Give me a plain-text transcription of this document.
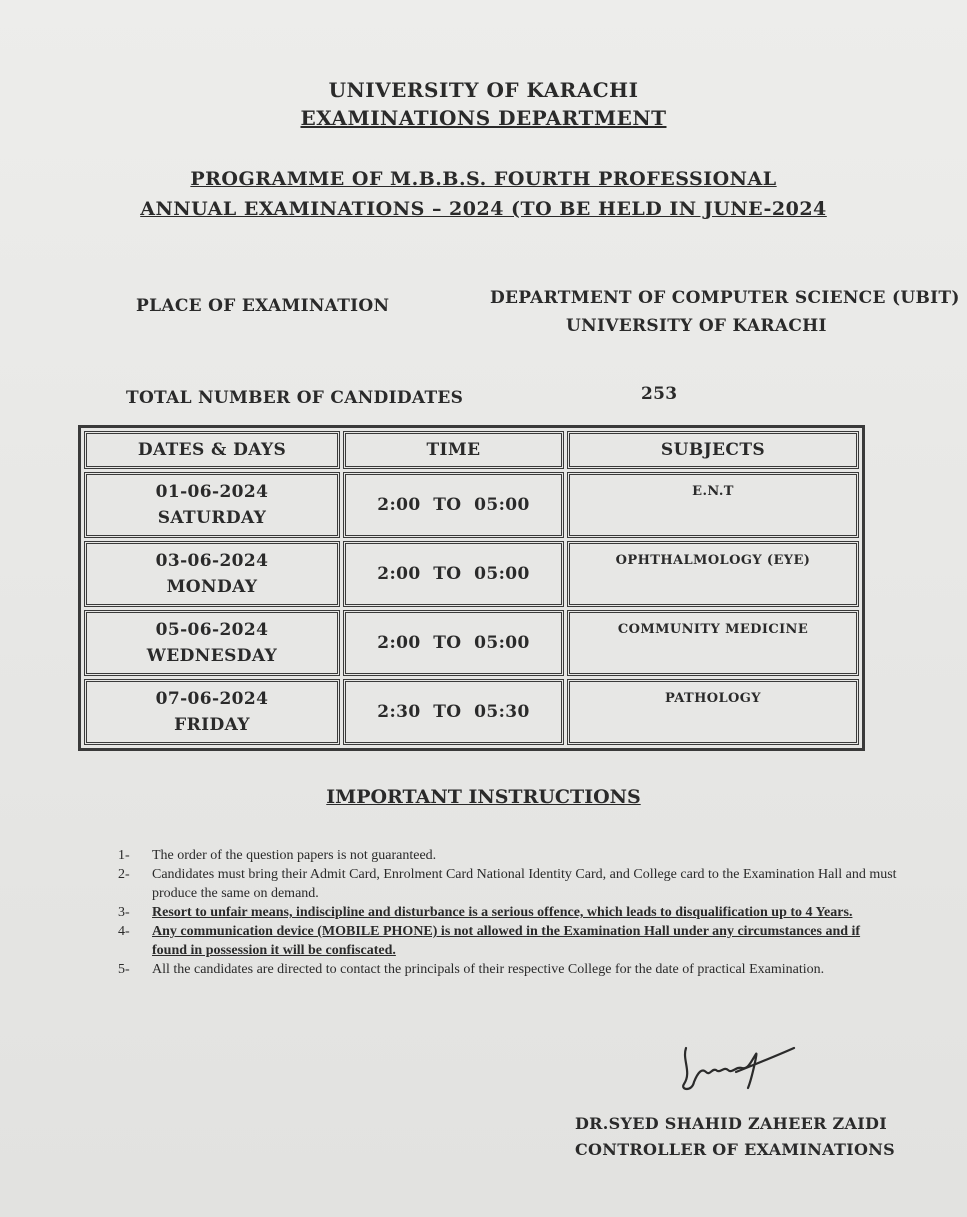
UNIVERSITY OF KARACHI
EXAMINATIONS DEPARTMENT
PROGRAMME OF M.B.B.S. FOURTH PROFESSIONAL
ANNUAL EXAMINATIONS – 2024 (TO BE HELD IN JUNE-2024
PLACE OF EXAMINATION	DEPARTMENT OF COMPUTER SCIENCE (UBIT)
UNIVERSITY OF KARACHI
TOTAL NUMBER OF CANDIDATES	253
DATES & DAYS	TIME	SUBJECTS

01-06-2024
SATURDAY	2:00  TO  05:00	E.N.T

03-06-2024
MONDAY	2:00  TO  05:00	OPHTHALMOLOGY (EYE)

05-06-2024
WEDNESDAY	2:00  TO  05:00	COMMUNITY MEDICINE

07-06-2024
FRIDAY	2:30  TO  05:30	PATHOLOGY
IMPORTANT INSTRUCTIONS
1- The order of the question papers is not guaranteed.
2- Candidates must bring their Admit Card, Enrolment Card National Identity Card, and College card to the Examination Hall and must produce the same on demand.
3- Resort to unfair means, indiscipline and disturbance is a serious offence, which leads to disqualification up to 4 Years.
4- Any communication device (MOBILE PHONE) is not allowed in the Examination Hall under any circumstances and if found in possession it will be confiscated.
5- All the candidates are directed to contact the principals of their respective College for the date of practical Examination.
DR.SYED SHAHID ZAHEER ZAIDI
CONTROLLER OF EXAMINATIONS
